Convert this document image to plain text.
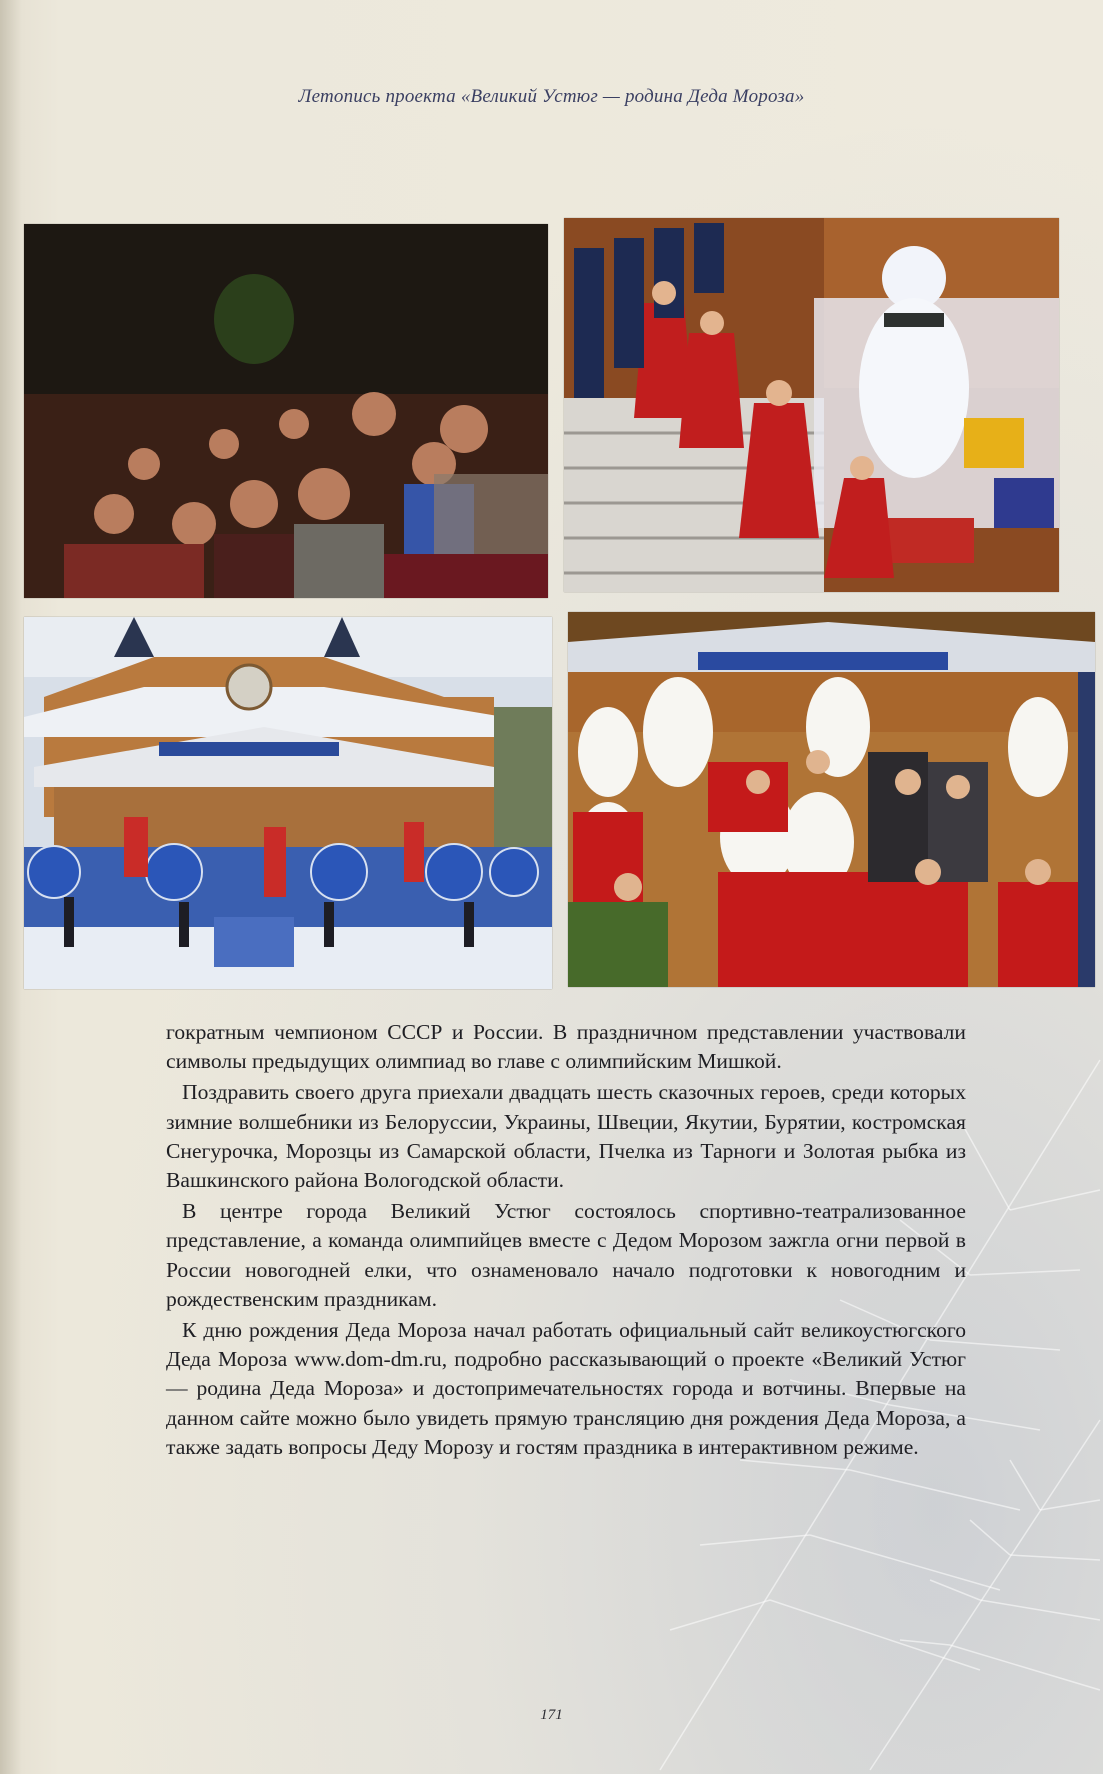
Летопись проекта «Великий Устюг — родина Деда Мороза»

гократным чемпионом СССР и России. В праздничном представлении участвовали символы предыдущих олимпиад во главе с олимпийским Мишкой.

Поздравить своего друга приехали двадцать шесть сказочных героев, среди которых зимние волшебники из Белоруссии, Украины, Швеции, Якутии, Бурятии, костромская Снегурочка, Морозцы из Самарской области, Пчелка из Тарноги и Золотая рыбка из Вашкинского района Вологодской области.

В центре города Великий Устюг состоялось спортивно-театрализованное представление, а команда олимпийцев вместе с Дедом Морозом зажгла огни первой в России новогодней елки, что ознаменовало начало подготовки к новогодним и рождественским праздникам.

К дню рождения Деда Мороза начал работать официальный сайт великоустюгского Деда Мороза www.dom-dm.ru, подробно рассказывающий о проекте «Великий Устюг — родина Деда Мороза» и достопримечательностях города и вотчины. Впервые на данном сайте можно было увидеть прямую трансляцию дня рождения Деда Мороза, а также задать вопросы Деду Морозу и гостям праздника в интерактивном режиме.

171
